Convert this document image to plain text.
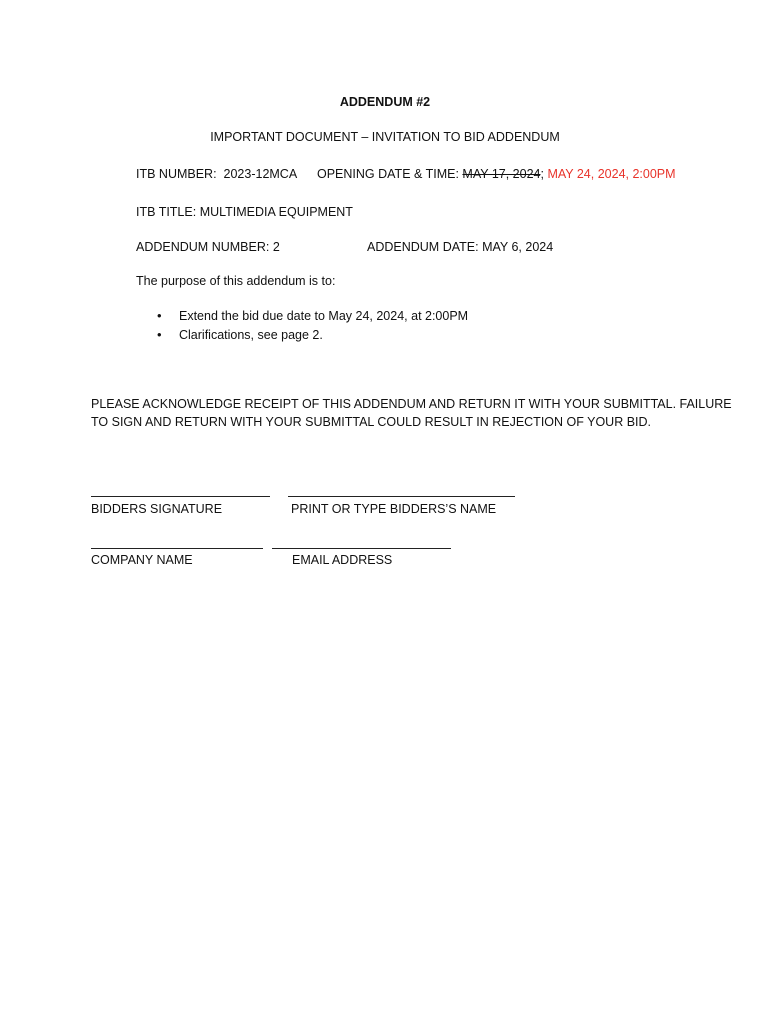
ADDENDUM #2
IMPORTANT DOCUMENT – INVITATION TO BID ADDENDUM
ITB NUMBER: 2023-12MCA OPENING DATE & TIME: MAY 17, 2024; MAY 24, 2024, 2:00PM
ITB TITLE: MULTIMEDIA EQUIPMENT
ADDENDUM NUMBER: 2	ADDENDUM DATE: MAY 6, 2024
The purpose of this addendum is to:
• Extend the bid due date to May 24, 2024, at 2:00PM
• Clarifications, see page 2.
PLEASE ACKNOWLEDGE RECEIPT OF THIS ADDENDUM AND RETURN IT WITH YOUR SUBMITTAL. FAILURE
TO SIGN AND RETURN WITH YOUR SUBMITTAL COULD RESULT IN REJECTION OF YOUR BID.
BIDDERS SIGNATURE	PRINT OR TYPE BIDDERS’S NAME
COMPANY NAME	EMAIL ADDRESS
